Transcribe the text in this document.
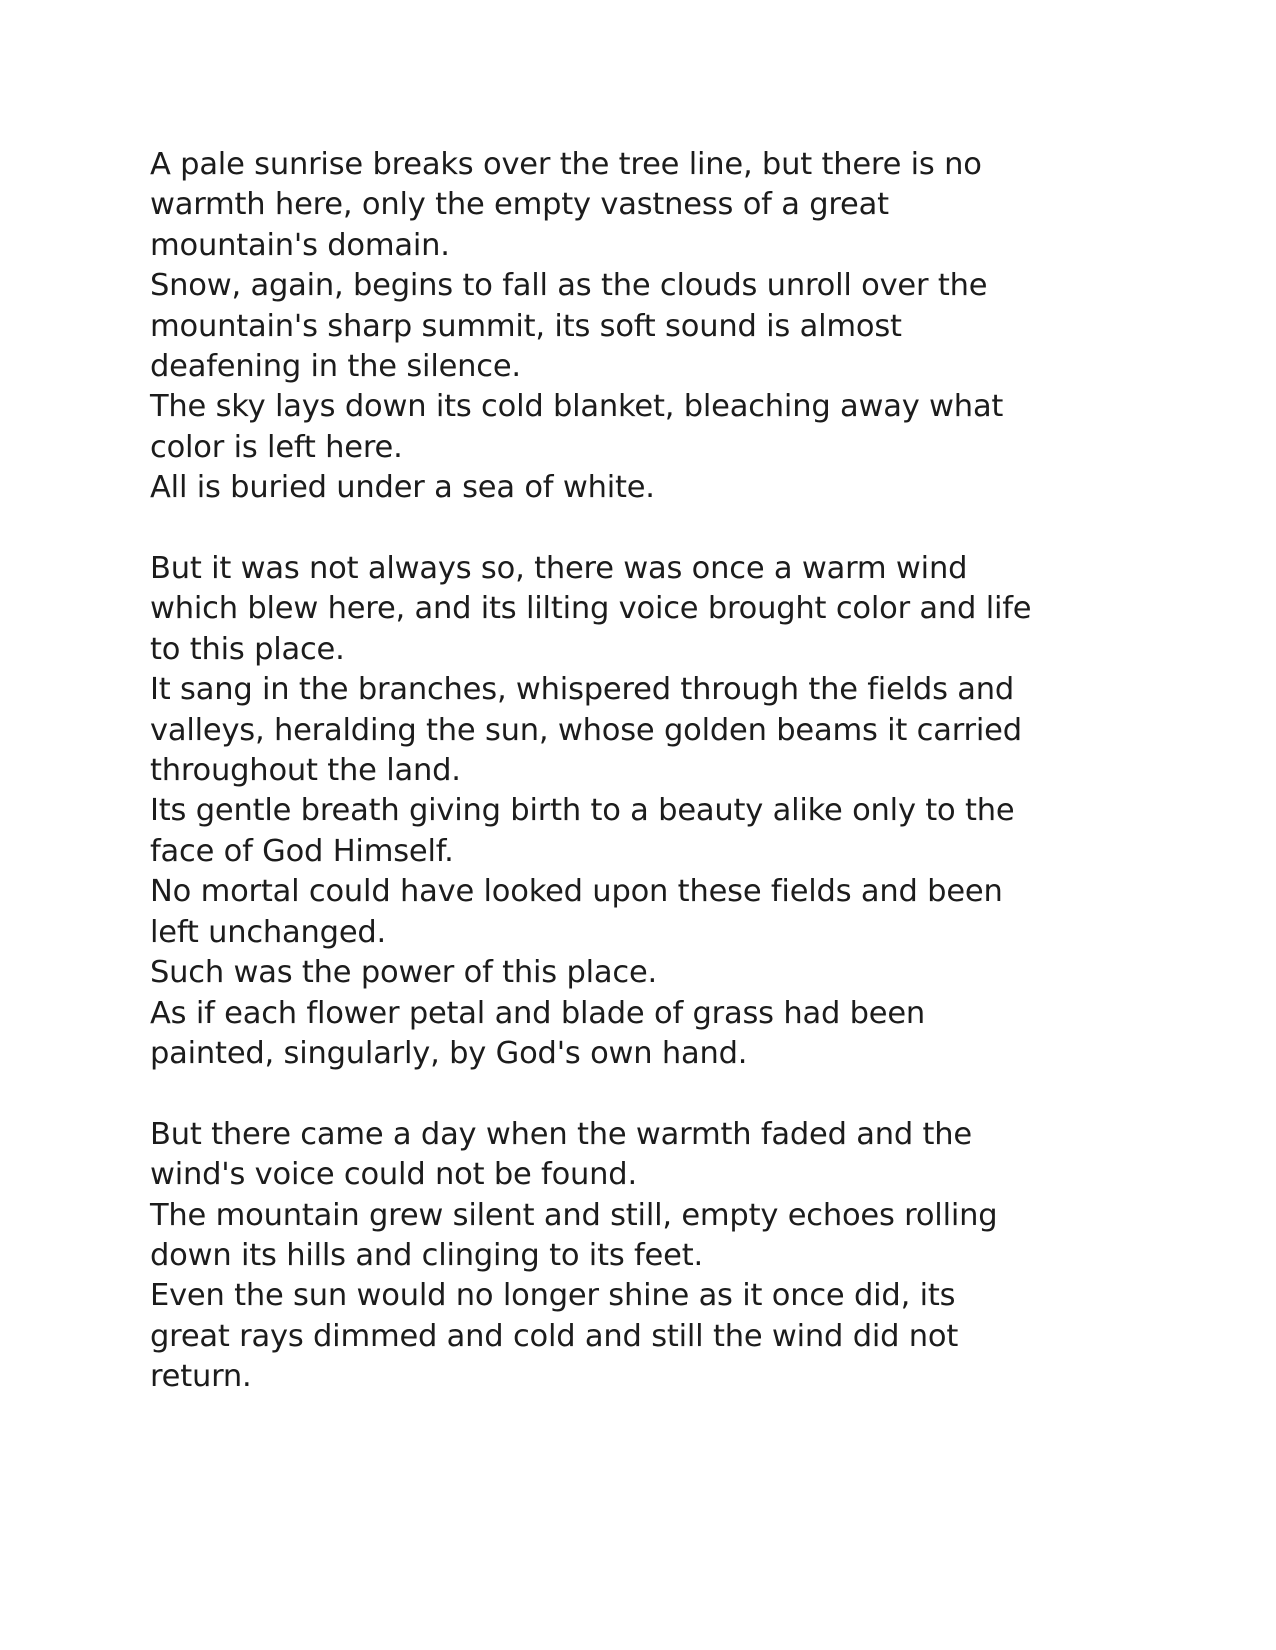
A pale sunrise breaks over the tree line, but there is no
warmth here, only the empty vastness of a great
mountain's domain.
Snow, again, begins to fall as the clouds unroll over the
mountain's sharp summit, its soft sound is almost
deafening in the silence.
The sky lays down its cold blanket, bleaching away what
color is left here.
All is buried under a sea of white.
But it was not always so, there was once a warm wind
which blew here, and its lilting voice brought color and life
to this place.
It sang in the branches, whispered through the fields and
valleys, heralding the sun, whose golden beams it carried
throughout the land.
Its gentle breath giving birth to a beauty alike only to the
face of God Himself.
No mortal could have looked upon these fields and been
left unchanged.
Such was the power of this place.
As if each flower petal and blade of grass had been
painted, singularly, by God's own hand.
But there came a day when the warmth faded and the
wind's voice could not be found.
The mountain grew silent and still, empty echoes rolling
down its hills and clinging to its feet.
Even the sun would no longer shine as it once did, its
great rays dimmed and cold and still the wind did not
return.
